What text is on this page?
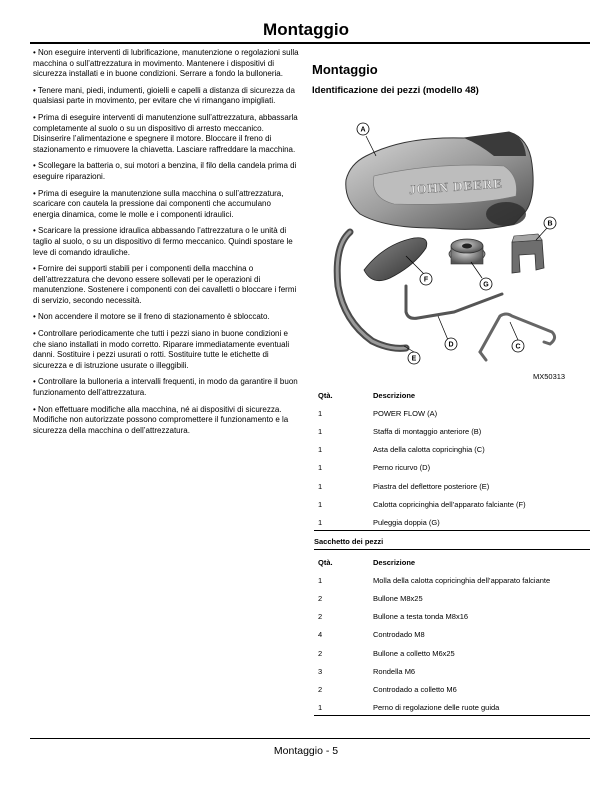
Montaggio

• Non eseguire interventi di lubrificazione, manutenzione o regolazioni sulla macchina o sull’attrezzatura in movimento. Mantenere i dispositivi di sicurezza installati e in buone condizioni. Serrare a fondo la bulloneria.

• Tenere mani, piedi, indumenti, gioielli e capelli a distanza di sicurezza da qualsiasi parte in movimento, per evitare che vi rimangano impigliati.

• Prima di eseguire interventi di manutenzione sull’attrezzatura, abbassarla completamente al suolo o su un dispositivo di arresto meccanico. Disinserire l’alimentazione e spegnere il motore. Bloccare il freno di stazionamento e rimuovere la chiavetta. Lasciare raffreddare la macchina.

• Scollegare la batteria o, sui motori a benzina, il filo della candela prima di eseguire riparazioni.

• Prima di eseguire la manutenzione sulla macchina o sull’attrezzatura, scaricare con cautela la pressione dai componenti che accumulano energia dinamica, come le molle e i componenti idraulici.

• Scaricare la pressione idraulica abbassando l’attrezzatura o le unità di taglio al suolo, o su un dispositivo di fermo meccanico. Quindi spostare le leve di comando idrauliche.

• Fornire dei supporti stabili per i componenti della macchina o dell’attrezzatura che devono essere sollevati per le operazioni di manutenzione. Sostenere i componenti con dei cavalletti o bloccare i fermi di servizio, secondo necessità.

• Non accendere il motore se il freno di stazionamento è sbloccato.

• Controllare periodicamente che tutti i pezzi siano in buone condizioni e che siano installati in modo corretto. Riparare immediatamente eventuali danni. Sostituire i pezzi usurati o rotti. Sostituire tutte le etichette di sicurezza e di istruzione usurate o illeggibili.

• Controllare la bulloneria a intervalli frequenti, in modo da garantire il buon funzionamento dell’attrezzatura.

• Non effettuare modifiche alla macchina, né ai dispositivi di sicurezza. Modifiche non autorizzate possono compromettere il funzionamento e la sicurezza della macchina o dell’attrezzatura.

Montaggio

Identificazione dei pezzi (modello 48)

JOHN DEERE
A
B
F
G
D	C
E
MX50313
Qtà.	Descrizione
1	POWER FLOW (A)
1	Staffa di montaggio anteriore (B)
1	Asta della calotta copricinghia (C)
1	Perno ricurvo (D)
1	Piastra del deflettore posteriore (E)
1	Calotta copricinghia dell’apparato falciante (F)
1	Puleggia doppia (G)
Sacchetto dei pezzi
Qtà.	Descrizione
1	Molla della calotta copricinghia dell’apparato falciante
2	Bullone M8x25
2	Bullone a testa tonda M8x16
4	Controdado M8
2	Bullone a colletto M6x25
3	Rondella M6
2	Controdado a colletto M6
1	Perno di regolazione delle ruote guida
Montaggio - 5
